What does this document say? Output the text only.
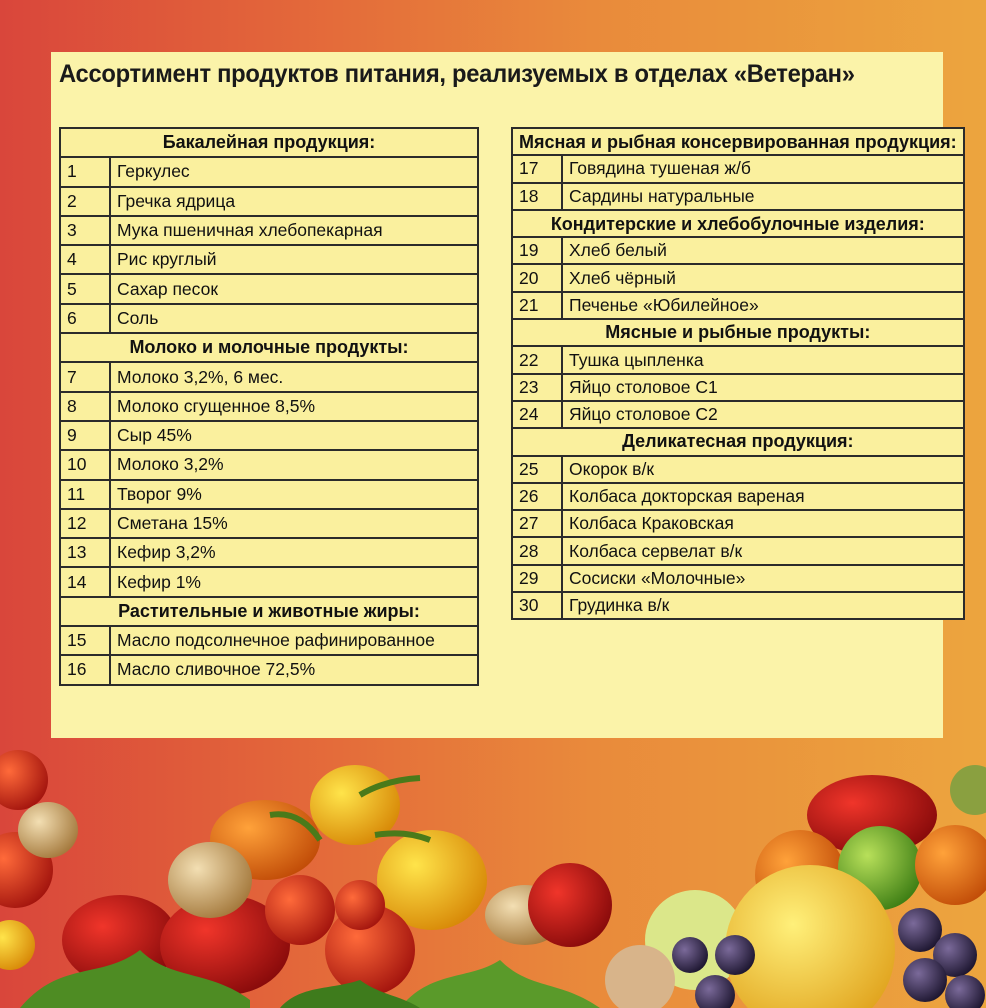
Ассортимент продуктов питания, реализуемых в отделах «Ветеран»
Бакалейная продукция:	
1	Геркулес
2	Гречка ядрица
3	Мука пшеничная хлебопекарная
4	Рис круглый
5	Сахар песок
6	Соль
Молоко и молочные продукты:	
7	Молоко 3,2%, 6 мес.
8	Молоко сгущенное 8,5%
9	Сыр 45%
10	Молоко 3,2%
11	Творог 9%
12	Сметана 15%
13	Кефир 3,2%
14	Кефир 1%
Растительные и животные жиры:	
15	Масло подсолнечное рафинированное
16	Масло сливочное 72,5%
Мясная и рыбная консервированная продукция:	
17	Говядина тушеная ж/б
18	Сардины натуральные
Кондитерские и хлебобулочные изделия:	
19	Хлеб белый
20	Хлеб чёрный
21	Печенье «Юбилейное»
Мясные и рыбные продукты:	
22	Тушка цыпленка
23	Яйцо столовое С1
24	Яйцо столовое С2
Деликатесная продукция:	
25	Окорок в/к
26	Колбаса докторская вареная
27	Колбаса Краковская
28	Колбаса сервелат в/к
29	Сосиски «Молочные»
30	Грудинка в/к
